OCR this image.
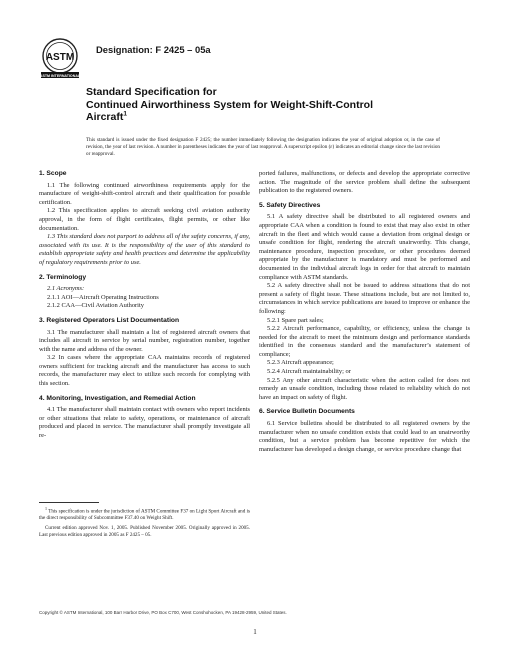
ASTM
ASTM INTERNATIONAL
Designation: F 2425 – 05a
Standard Specification for
Continued Airworthiness System for Weight-Shift-Control
Aircraft$^1$
This standard is issued under the fixed designation F 2425; the number immediately following the designation indicates the year of original adoption or, in the case of revision, the year of last revision. A number in parentheses indicates the year of last reapproval. A superscript epsilon (ε) indicates an editorial change since the last revision or reapproval.
1. Scope

1.1 The following continued airworthiness requirements apply for the manufacture of weight-shift-control aircraft and their qualification for possible certification.

1.2 This specification applies to aircraft seeking civil aviation authority approval, in the form of flight certificates, flight permits, or other like documentation.

1.3 This standard does not purport to address all of the safety concerns, if any, associated with its use. It is the responsibility of the user of this standard to establish appropriate safety and health practices and determine the applicability of regulatory requirements prior to use.

2. Terminology

2.1 Acronyms:

2.1.1 AOI—Aircraft Operating Instructions

2.1.2 CAA—Civil Aviation Authority

3. Registered Operators List Documentation

3.1 The manufacturer shall maintain a list of registered aircraft owners that includes all aircraft in service by serial number, registration number, together with the name and address of the owner.

3.2 In cases where the appropriate CAA maintains records of registered owners sufficient for tracking aircraft and the manufacturer has access to such records, the manufacturer may elect to utilize such records for complying with this section.

4. Monitoring, Investigation, and Remedial Action

4.1 The manufacturer shall maintain contact with owners who report incidents or other situations that relate to safety, operations, or maintenance of aircraft produced and placed in service. The manufacturer shall promptly investigate all re-

ported failures, malfunctions, or defects and develop the appropriate corrective action. The magnitude of the service problem shall define the subsequent publication to the registered owners.

5. Safety Directives

5.1 A safety directive shall be distributed to all registered owners and appropriate CAA when a condition is found to exist that may also exist in other aircraft in the fleet and which would cause a deviation from original design or unsafe condition for flight, rendering the aircraft unairworthy. This change, maintenance procedure, inspection procedure, or other procedures deemed appropriate by the manufacturer is mandatory and must be performed and documented in the individual aircraft logs in order for that aircraft to maintain compliance with ASTM standards.

5.2 A safety directive shall not be issued to address situations that do not present a safety of flight issue. These situations include, but are not limited to, circumstances in which service publications are issued to improve or enhance the following:

5.2.1 Spare part sales;

5.2.2 Aircraft performance, capability, or efficiency, unless the change is needed for the aircraft to meet the minimum design and performance standards identified in the consensus standard and the manufacturer’s statement of compliance;

5.2.3 Aircraft appearance;

5.2.4 Aircraft maintainability; or

5.2.5 Any other aircraft characteristic when the action called for does not remedy an unsafe condition, including those related to reliability which do not have an impact on safety of flight.

6. Service Bulletin Documents

6.1 Service bulletins should be distributed to all registered owners by the manufacturer when no unsafe condition exists that could lead to an unairworthy condition, but a service problem has become repetitive for which the manufacturer has developed a design change, or service procedure change that

$^1$ This specification is under the jurisdiction of ASTM Committee F37 on Light Sport Aircraft and is the direct responsibility of Subcommittee F37.40 on Weight Shift.

Current edition approved Nov. 1, 2005. Published November 2005. Originally approved in 2005. Last previous edition approved in 2005 as F 2425 – 05.

Copyright © ASTM International, 100 Barr Harbor Drive, PO Box C700, West Conshohocken, PA 19428-2959, United States.
1
